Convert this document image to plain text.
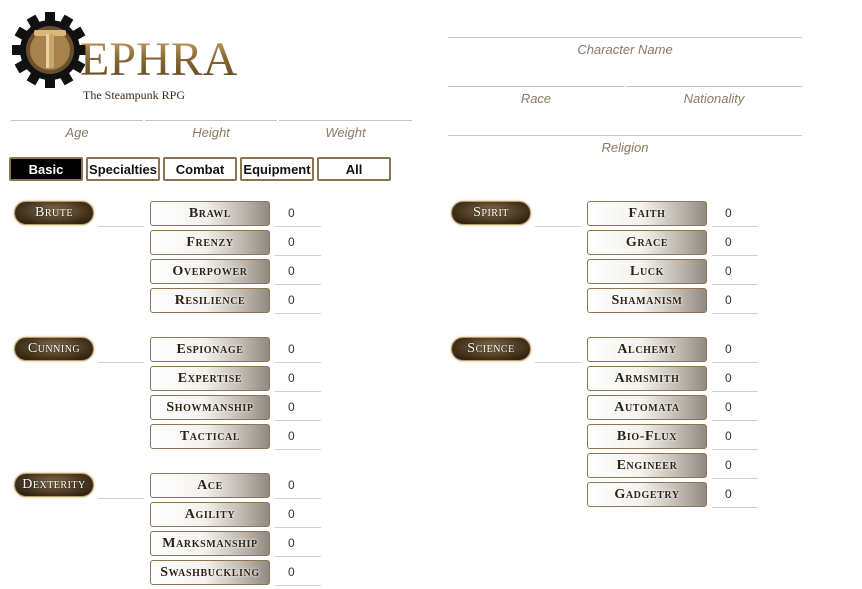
EPHRA
The Steampunk RPG
Character Name
Race	Nationality
Religion
Age	Height	Weight
Basic	Specialties	Combat	Equipment	All
Brute	Brawl	0
Frenzy	0
Overpower	0
Resilience	0
Cunning	Espionage	0
Expertise	0
Showmanship	0
Tactical	0
Dexterity	Ace	0
Agility	0
Marksmanship	0
Swashbuckling	0
Spirit	Faith	0
Grace	0
Luck	0
Shamanism	0
Science	Alchemy	0
Armsmith	0
Automata	0
Bio-Flux	0
Engineer	0
Gadgetry	0
